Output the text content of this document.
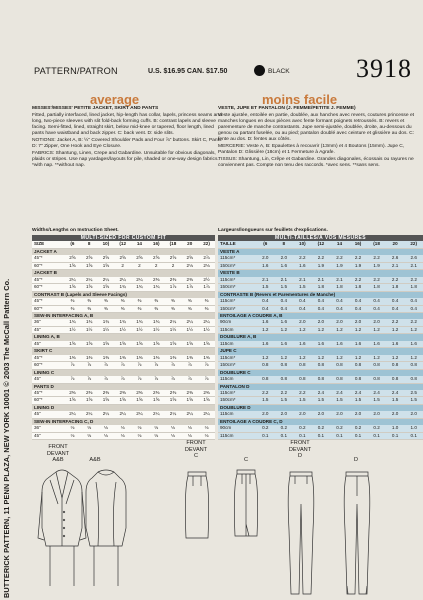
BUTTERICK PATTERN, 11 PENN PLAZA, NEW YORK 10001 © 2003 The McCall Pattern Co.
PATTERN/PATRON	U.S. $16.95 CAN. $17.50	BLACK	3918
average	moins facile

MISSES'/MISSES' PETITE JACKET, SKIRT AND PANTS

Fitted, partially interfaced, lined jacket, hip-length has collar, lapels, princess seams and long, two-piece sleeves with slit fold-back forming cuffs. B: contrast lapels and sleeve facing. Semi-fitted, lined, straight skirt, below mid-knee or tapered, floor length, lined pants have waistband and back zipper. C: back vent. D: side slits.

NOTIONS: Jacket A, B: ½" Covered Shoulder Pads and Four ⅞" buttons. Skirt C, Pants D: 7" Zipper, One Hook and Eye Closure.

FABRICS: Shantung, Linen, Crepe and Gabardine. Unsuitable for obvious diagonals, plaids or stripes. Use nap yardages/layouts for pile, shaded or one-way design fabrics. *with nap. **without nap.

VESTE, JUPE ET PANTALON (J. FEMME/PETITE J. FEMME)

Veste ajustée, entoilée en partie, doublée, aux hanches avec revers, coutures princesse et manches longues en deux pièces avec fente formant poignets retroussés. B: revers et parementure de manche contrastants. Jupe semi-ajustée, doublée, droite, au-dessous du genou ou partant fuselée, ou au pied; pantalon doublé avec ceinture et glissière au dos. C: fente au dos. D: fentes aux côtés.

MERCERIE: Veste A, B: Epaulettes à recouvrir (13mm) et 4 Boutons (15mm). Jupe C, Pantalon D: Glissière (18cm) et 1 Fermeture à Agrafe.

TISSUS: Shantung, Lin, Crêpe et Gabardine. Grandes diagonales, écossais ou rayures ne conviennent pas. Compte non tenu des raccords. *avec sens. **sans sens.

Widths/Lengths on Instruction Sheet.	Largeurs/longueurs sur feuillets d'explications.
MULTI-SIZED FOR CUSTOM FIT									
SIZE	(6	8	10)	(12	14	16)	(18	20	22)
JACKET A									
45"*	2⅝	2⅝	2⅝	2⅝	2⅝	2⅝	2⅝	2⅝	2⅞
60"*	1⅝	1⅝	1⅝	2	2	2	2	2⅛	2⅛
JACKET B									
45"*	2¼	2¼	2¼	2¼	2¼	2⅜	2⅜	2⅜	2½
60"*	1⅝	1⅝	1⅝	1¾	1¾	1¾	1⅞	1⅞	1⅞
CONTRAST B (Lapels and Sleeve Facings)									
45"*	⅜	⅜	⅜	⅜	⅜	⅜	⅜	⅜	⅜
60"*	⅜	⅜	⅜	⅜	⅜	⅜	⅜	⅜	⅜
SEW-IN INTERFACING A, B									
36"	1¾	1¾	1¾	1¾	1¾	1¾	2¼	2¼	2¼
45"	1½	1½	1½	1½	1½	1½	1½	1½	1½
LINING A, B									
45"	1⅝	1⅝	1⅝	1⅝	1⅝	1⅝	1⅝	1⅝	1⅝
SKIRT C									
45"*	1⅜	1⅜	1⅜	1⅜	1⅜	1⅜	1⅜	1⅜	1⅜
60"*	⅞	⅞	⅞	⅞	⅞	⅞	⅞	⅞	⅞
LINING C									
45"	⅞	⅞	⅞	⅞	⅞	⅞	⅞	⅞	⅞
PANTS D									
45"*	2⅜	2⅜	2⅜	2⅜	2⅜	2⅜	2⅜	2⅜	2⅜
60"*	1⅝	1⅝	1⅝	1⅝	1⅝	1⅝	1⅝	1⅝	1⅝
LINING D									
45"	2¼	2¼	2¼	2¼	2¼	2¼	2¼	2¼	2¼
SEW-IN INTERFACING C, D									
36"	⅛	⅛	⅛	⅛	⅛	⅛	⅛	⅛	⅛
45"	⅛	⅛	⅛	⅛	⅛	⅛	⅛	⅛	⅛
MULTI-TAILLES/À VOS MESURES									
TAILLE	(6	8	10)	(12	14	16)	(18	20	22)
VESTE A									
115cm*	2.0	2.0	2.2	2.2	2.2	2.2	2.2	2.6	2.6
150cm*	1.6	1.6	1.6	1.9	1.9	1.9	1.9	2.1	2.1
VESTE B									
115cm*	2.1	2.1	2.1	2.1	2.1	2.2	2.2	2.2	2.2
150cm*	1.5	1.5	1.5	1.8	1.8	1.8	1.8	1.8	1.8
CONTRASTE B (Revers et Parementures de Manche)									
115cm*	0.4	0.4	0.4	0.4	0.4	0.4	0.4	0.4	0.4
150cm*	0.4	0.4	0.4	0.4	0.4	0.4	0.4	0.4	0.4
ENTOILAGE A COUDRE A, B									
90cm	1.6	1.6	2.0	2.0	2.0	2.0	2.0	2.2	2.2
115cm	1.2	1.2	1.2	1.2	1.2	1.2	1.2	1.2	1.2
DOUBLURE A, B									
115cm	1.6	1.6	1.6	1.6	1.6	1.6	1.6	1.6	1.6
JUPE C									
115cm*	1.2	1.2	1.2	1.2	1.2	1.2	1.2	1.2	1.2
150cm*	0.8	0.8	0.8	0.8	0.8	0.8	0.8	0.8	0.8
DOUBLURE C									
115cm	0.8	0.8	0.8	0.8	0.8	0.8	0.8	0.8	0.8
PANTALON D									
115cm*	2.2	2.2	2.2	2.4	2.4	2.4	2.4	2.4	2.5
150cm*	1.5	1.5	1.5	1.5	1.5	1.5	1.5	1.5	1.5
DOUBLURE D									
115cm	2.0	2.0	2.0	2.0	2.0	2.0	2.0	2.0	2.0
ENTOILAGE A COUDRE C, D									
90cm	0.2	0.2	0.2	0.2	0.2	0.2	0.2	1.0	1.0
115cm	0.1	0.1	0.1	0.1	0.1	0.1	0.1	0.1	0.1
FRONT
DEVANT
A&B	A&B
FRONT
DEVANT
C
C
FRONT
DEVANT
D
D
